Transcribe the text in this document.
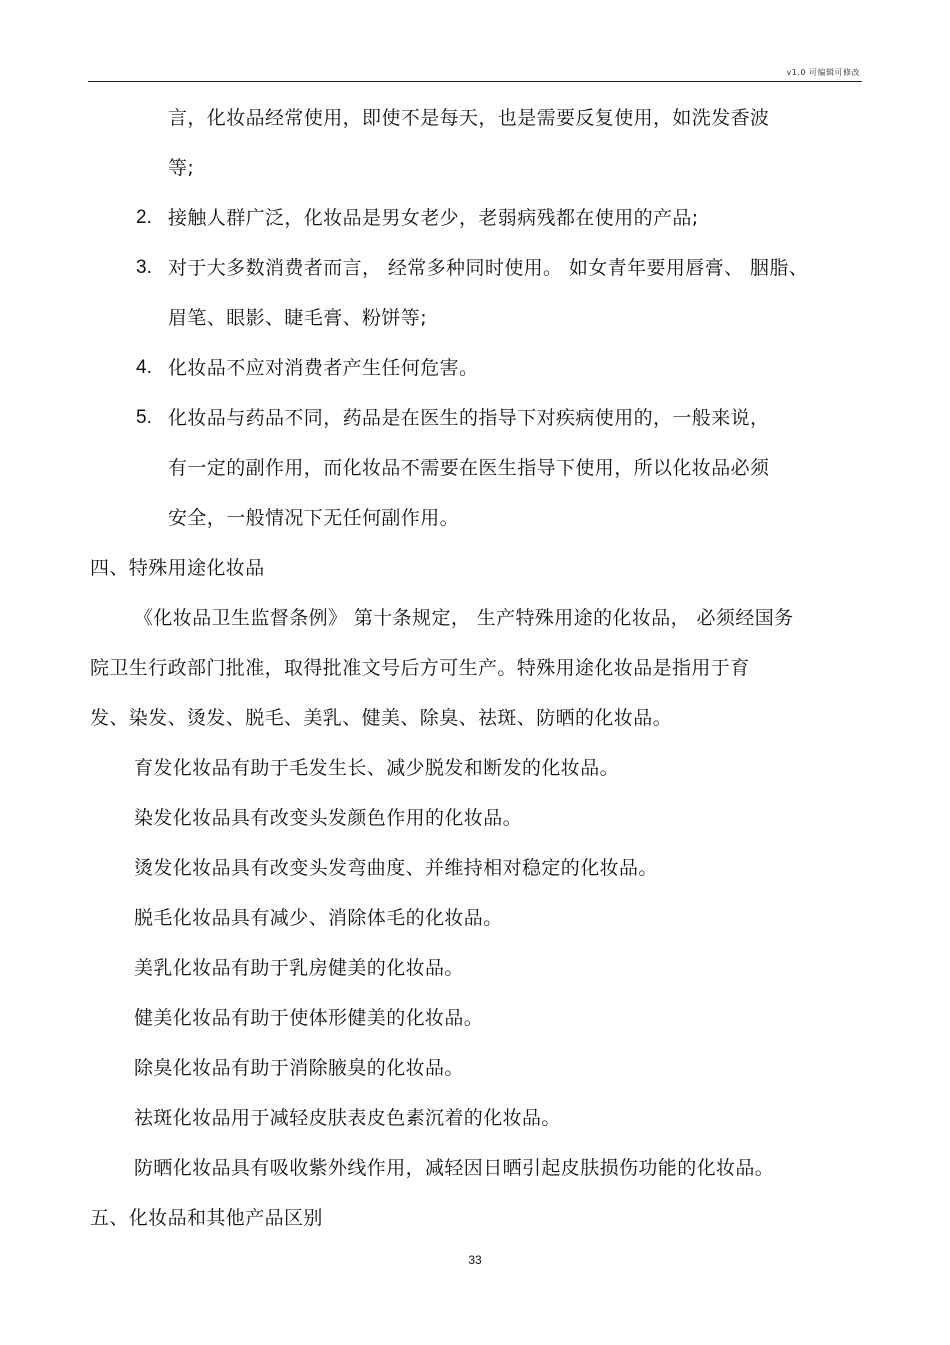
v1.0 可编辑可修改
言，化妆品经常使用，即使不是每天，也是需要反复使用，如洗发香波
等;
2. 接触人群广泛，化妆品是男女老少，老弱病残都在使用的产品;
3. 对于大多数消费者而言， 经常多种同时使用。 如女青年要用唇膏、 胭脂、
眉笔、眼影、睫毛膏、粉饼等;
4. 化妆品不应对消费者产生任何危害。
5. 化妆品与药品不同，药品是在医生的指导下对疾病使用的，一般来说，
有一定的副作用，而化妆品不需要在医生指导下使用，所以化妆品必须
安全，一般情况下无任何副作用。
四、特殊用途化妆品
《化妆品卫生监督条例》 第十条规定， 生产特殊用途的化妆品， 必须经国务
院卫生行政部门批准，取得批准文号后方可生产。特殊用途化妆品是指用于育
发、染发、烫发、脱毛、美乳、健美、除臭、祛斑、防晒的化妆品。
育发化妆品有助于毛发生长、减少脱发和断发的化妆品。
染发化妆品具有改变头发颜色作用的化妆品。
烫发化妆品具有改变头发弯曲度、并维持相对稳定的化妆品。
脱毛化妆品具有减少、消除体毛的化妆品。
美乳化妆品有助于乳房健美的化妆品。
健美化妆品有助于使体形健美的化妆品。
除臭化妆品有助于消除腋臭的化妆品。
祛斑化妆品用于减轻皮肤表皮色素沉着的化妆品。
防晒化妆品具有吸收紫外线作用，减轻因日晒引起皮肤损伤功能的化妆品。
五、化妆品和其他产品区别
33
